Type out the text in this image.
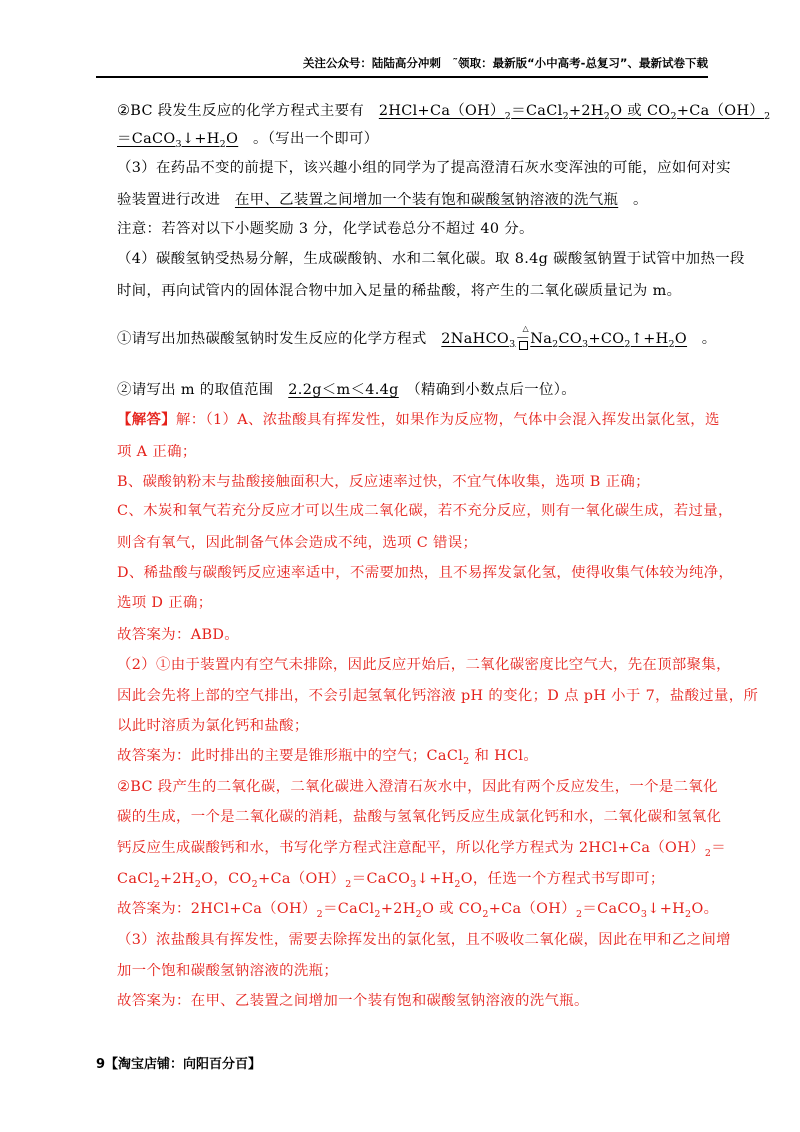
关注公众号：陆陆高分冲刺　˜领取：最新版“小中高考-总复习”、最新试卷下载
②BC 段发生反应的化学方程式主要有　$2HCl+Ca(OH)_2=CaCl_2+2H_2O$ 或 $CO_2+Ca(OH)_2$
$=CaCO_3↓+H_2O$　。（写出一个即可）
（3）在药品不变的前提下，该兴趣小组的同学为了提高澄清石灰水变浑浊的可能，应如何对实
验装置进行改进　在甲、乙装置之间增加一个装有饱和碳酸氢钠溶液的洗气瓶　。
注意：若答对以下小题奖励 3 分，化学试卷总分不超过 40 分。
（4）碳酸氢钠受热易分解，生成碳酸钠、水和二氧化碳。取 8.4g 碳酸氢钠置于试管中加热一段
时间，再向试管内的固体混合物中加入足量的稀盐酸，将产生的二氧化碳质量记为 m。
①请写出加热碳酸氢钠时发生反应的化学方程式　2NaHCO$_3$
△
－
$Na_2CO_3+CO_2↑+H_2O$　。
②请写出 m 的取值范围　2.2g＜m＜4.4g　（精确到小数点后一位）。
【解答】解：（1）A、浓盐酸具有挥发性，如果作为反应物，气体中会混入挥发出氯化氢，选
项 A 正确；
B、碳酸钠粉末与盐酸接触面积大，反应速率过快，不宜气体收集，选项 B 正确；
C、木炭和氧气若充分反应才可以生成二氧化碳，若不充分反应，则有一氧化碳生成，若过量，
则含有氧气，因此制备气体会造成不纯，选项 C 错误；
D、稀盐酸与碳酸钙反应速率适中，不需要加热，且不易挥发氯化氢，使得收集气体较为纯净，
选项 D 正确；
故答案为：ABD。
（2）①由于装置内有空气未排除，因此反应开始后，二氧化碳密度比空气大，先在顶部聚集，
因此会先将上部的空气排出，不会引起氢氧化钙溶液 pH 的变化；D 点 pH 小于 7，盐酸过量，所
以此时溶质为氯化钙和盐酸；
故答案为：此时排出的主要是锥形瓶中的空气；CaCl$_2$ 和 HCl。
②BC 段产生的二氧化碳，二氧化碳进入澄清石灰水中，因此有两个反应发生，一个是二氧化
碳的生成，一个是二氧化碳的消耗，盐酸与氢氧化钙反应生成氯化钙和水，二氧化碳和氢氧化
钙反应生成碳酸钙和水，书写化学方程式注意配平，所以化学方程式为 $2HCl+Ca(OH)_2=$
$CaCl_2+2H_2O$，$CO_2+Ca(OH)_2=CaCO_3↓+H_2O$，任选一个方程式书写即可；
故答案为：$2HCl+Ca(OH)_2=CaCl_2+2H_2O$ 或 $CO_2+Ca(OH)_2=CaCO_3↓+H_2O$。
（3）浓盐酸具有挥发性，需要去除挥发出的氯化氢，且不吸收二氧化碳，因此在甲和乙之间增
加一个饱和碳酸氢钠溶液的洗瓶；
故答案为：在甲、乙装置之间增加一个装有饱和碳酸氢钠溶液的洗气瓶。
9【淘宝店铺：向阳百分百】
